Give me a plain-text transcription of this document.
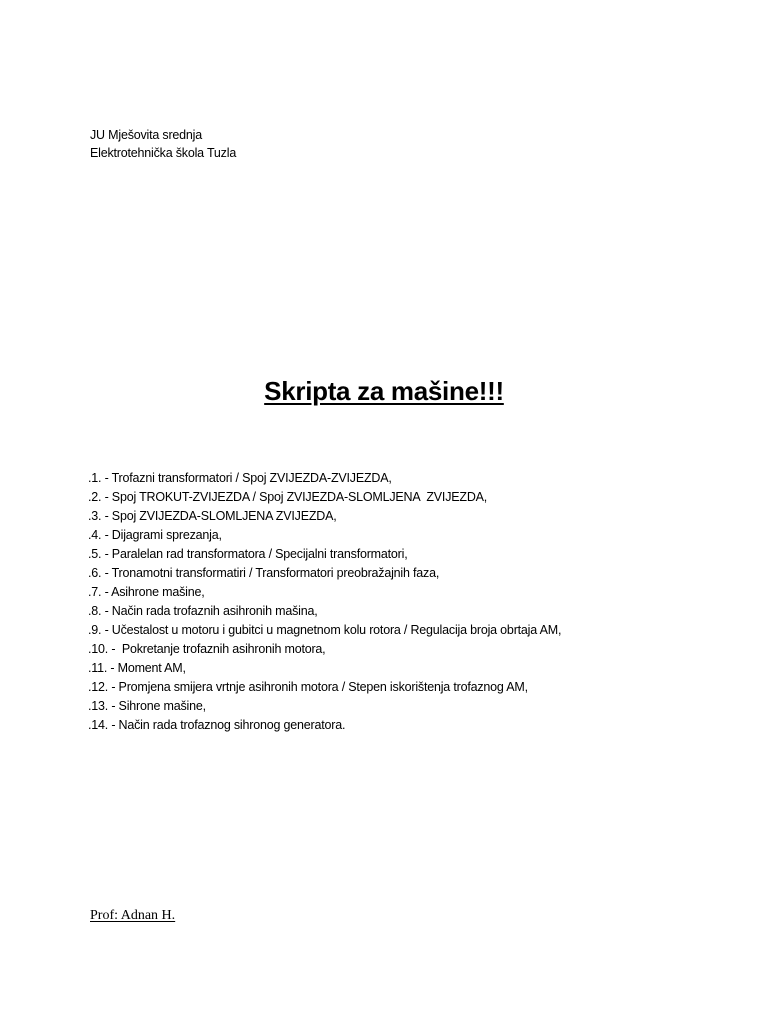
JU Mješovita srednja
Elektrotehnička škola Tuzla
Skripta za mašine!!!
.1. - Trofazni transformatori / Spoj ZVIJEZDA-ZVIJEZDA,
.2. - Spoj TROKUT-ZVIJEZDA / Spoj ZVIJEZDA-SLOMLJENA  ZVIJEZDA,
.3. - Spoj ZVIJEZDA-SLOMLJENA ZVIJEZDA,
.4. - Dijagrami sprezanja,
.5. - Paralelan rad transformatora / Specijalni transformatori,
.6. - Tronamotni transformatiri / Transformatori preobražajnih faza,
.7. - Asihrone mašine,
.8. - Način rada trofaznih asihronih mašina,
.9. - Učestalost u motoru i gubitci u magnetnom kolu rotora / Regulacija broja obrtaja AM,
.10. -  Pokretanje trofaznih asihronih motora,
.11. - Moment AM,
.12. - Promjena smijera vrtnje asihronih motora / Stepen iskorištenja trofaznog AM,
.13. - Sihrone mašine,
.14. - Način rada trofaznog sihronog generatora.
Prof: Adnan H.
